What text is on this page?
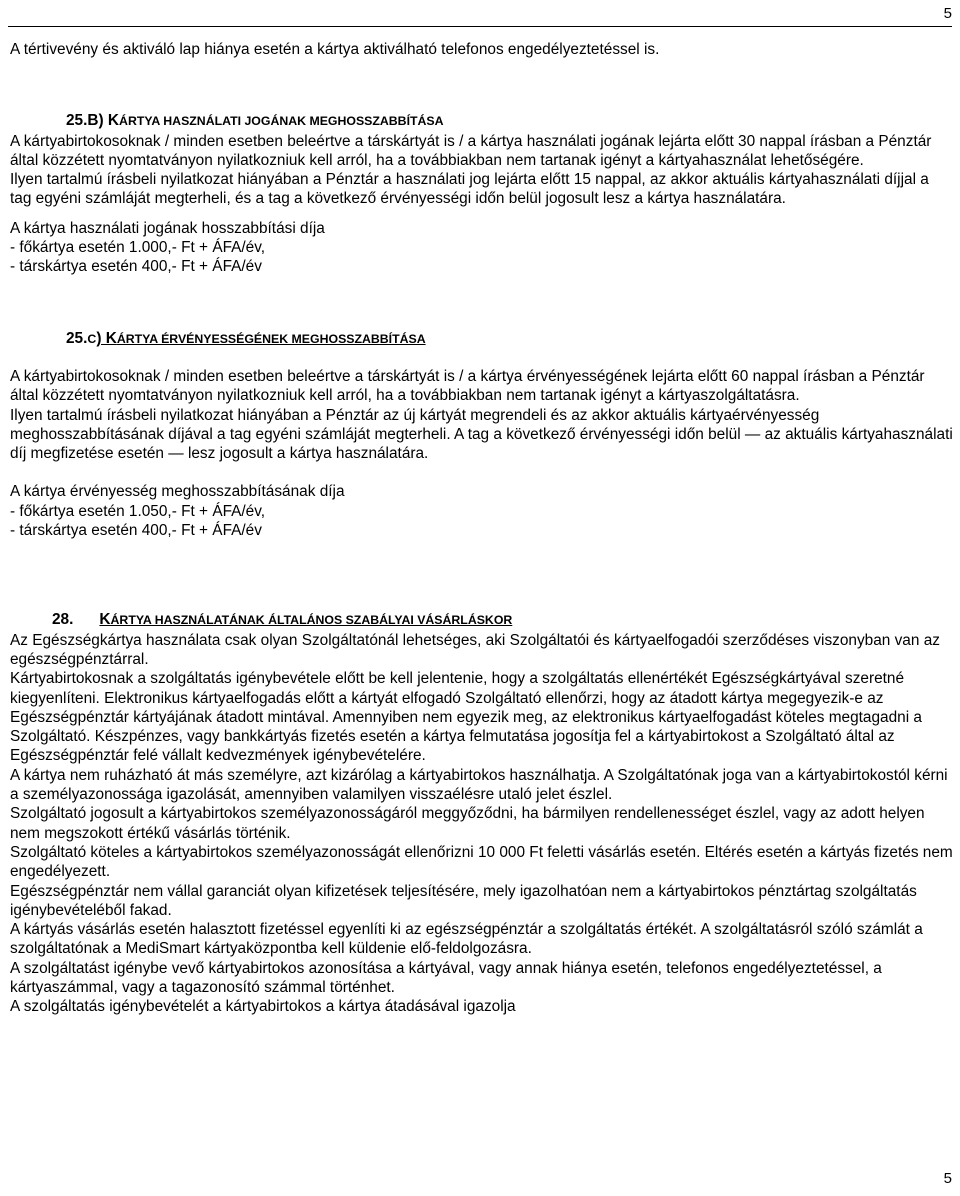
5

A tértivevény és aktiváló lap hiánya esetén a kártya aktiválható telefonos engedélyeztetéssel is.

25.B) KÁRTYA HASZNÁLATI JOGÁNAK MEGHOSSZABBÍTÁSA

A kártyabirtokosoknak / minden esetben beleértve a társkártyát is / a kártya használati jogának lejárta előtt 30 nappal írásban a Pénztár által közzétett nyomtatványon nyilatkozniuk kell arról, ha a továbbiakban nem tartanak igényt a kártyahasználat lehetőségére.

Ilyen tartalmú írásbeli nyilatkozat hiányában a Pénztár a használati jog lejárta előtt 15 nappal, az akkor aktuális kártyahasználati díjjal a tag egyéni számláját megterheli, és a tag a következő érvényességi időn belül jogosult lesz a kártya használatára.

A kártya használati jogának hosszabbítási díja

- főkártya esetén 1.000,- Ft + ÁFA/év,

- társkártya esetén 400,- Ft + ÁFA/év

25.C) KÁRTYA ÉRVÉNYESSÉGÉNEK MEGHOSSZABBÍTÁSA

A kártyabirtokosoknak / minden esetben beleértve a társkártyát is / a kártya érvényességének lejárta előtt 60 nappal írásban a Pénztár által közzétett nyomtatványon nyilatkozniuk kell arról, ha a továbbiakban nem tartanak igényt a kártyaszolgáltatásra.

Ilyen tartalmú írásbeli nyilatkozat hiányában a Pénztár az új kártyát megrendeli és az akkor aktuális kártyaérvényesség meghosszabbításának díjával a tag egyéni számláját megterheli. A tag a következő érvényességi időn belül — az aktuális kártyahasználati díj megfizetése esetén — lesz jogosult a kártya használatára.

A kártya érvényesség meghosszabbításának díja

- főkártya esetén 1.050,- Ft + ÁFA/év,

- társkártya esetén 400,- Ft + ÁFA/év

28. KÁRTYA HASZNÁLATÁNAK ÁLTALÁNOS SZABÁLYAI VÁSÁRLÁSKOR

Az Egészségkártya használata csak olyan Szolgáltatónál lehetséges, aki Szolgáltatói és kártyaelfogadói szerződéses viszonyban van az egészségpénztárral.

Kártyabirtokosnak a szolgáltatás igénybevétele előtt be kell jelentenie, hogy a szolgáltatás ellenértékét Egészségkártyával szeretné kiegyenlíteni. Elektronikus kártyaelfogadás előtt a kártyát elfogadó Szolgáltató ellenőrzi, hogy az átadott kártya megegyezik-e az Egészségpénztár kártyájának átadott mintával. Amennyiben nem egyezik meg, az elektronikus kártyaelfogadást köteles megtagadni a Szolgáltató. Készpénzes, vagy bankkártyás fizetés esetén a kártya felmutatása jogosítja fel a kártyabirtokost a Szolgáltató által az Egészségpénztár felé vállalt kedvezmények igénybevételére.

A kártya nem ruházható át más személyre, azt kizárólag a kártyabirtokos használhatja. A Szolgáltatónak joga van a kártyabirtokostól kérni a személyazonossága igazolását, amennyiben valamilyen visszaélésre utaló jelet észlel.

Szolgáltató jogosult a kártyabirtokos személyazonosságáról meggyőződni, ha bármilyen rendellenességet észlel, vagy az adott helyen nem megszokott értékű vásárlás történik.

Szolgáltató köteles a kártyabirtokos személyazonosságát ellenőrizni 10 000 Ft feletti vásárlás esetén. Eltérés esetén a kártyás fizetés nem engedélyezett.

Egészségpénztár nem vállal garanciát olyan kifizetések teljesítésére, mely igazolhatóan nem a kártyabirtokos pénztártag szolgáltatás igénybevételéből fakad.

A kártyás vásárlás esetén halasztott fizetéssel egyenlíti ki az egészségpénztár a szolgáltatás értékét. A szolgáltatásról szóló számlát a szolgáltatónak a MediSmart kártyaközpontba kell küldenie elő-feldolgozásra.

A szolgáltatást igénybe vevő kártyabirtokos azonosítása a kártyával, vagy annak hiánya esetén, telefonos engedélyeztetéssel, a kártyaszámmal, vagy a tagazonosító számmal történhet.

A szolgáltatás igénybevételét a kártyabirtokos a kártya átadásával igazolja

5
